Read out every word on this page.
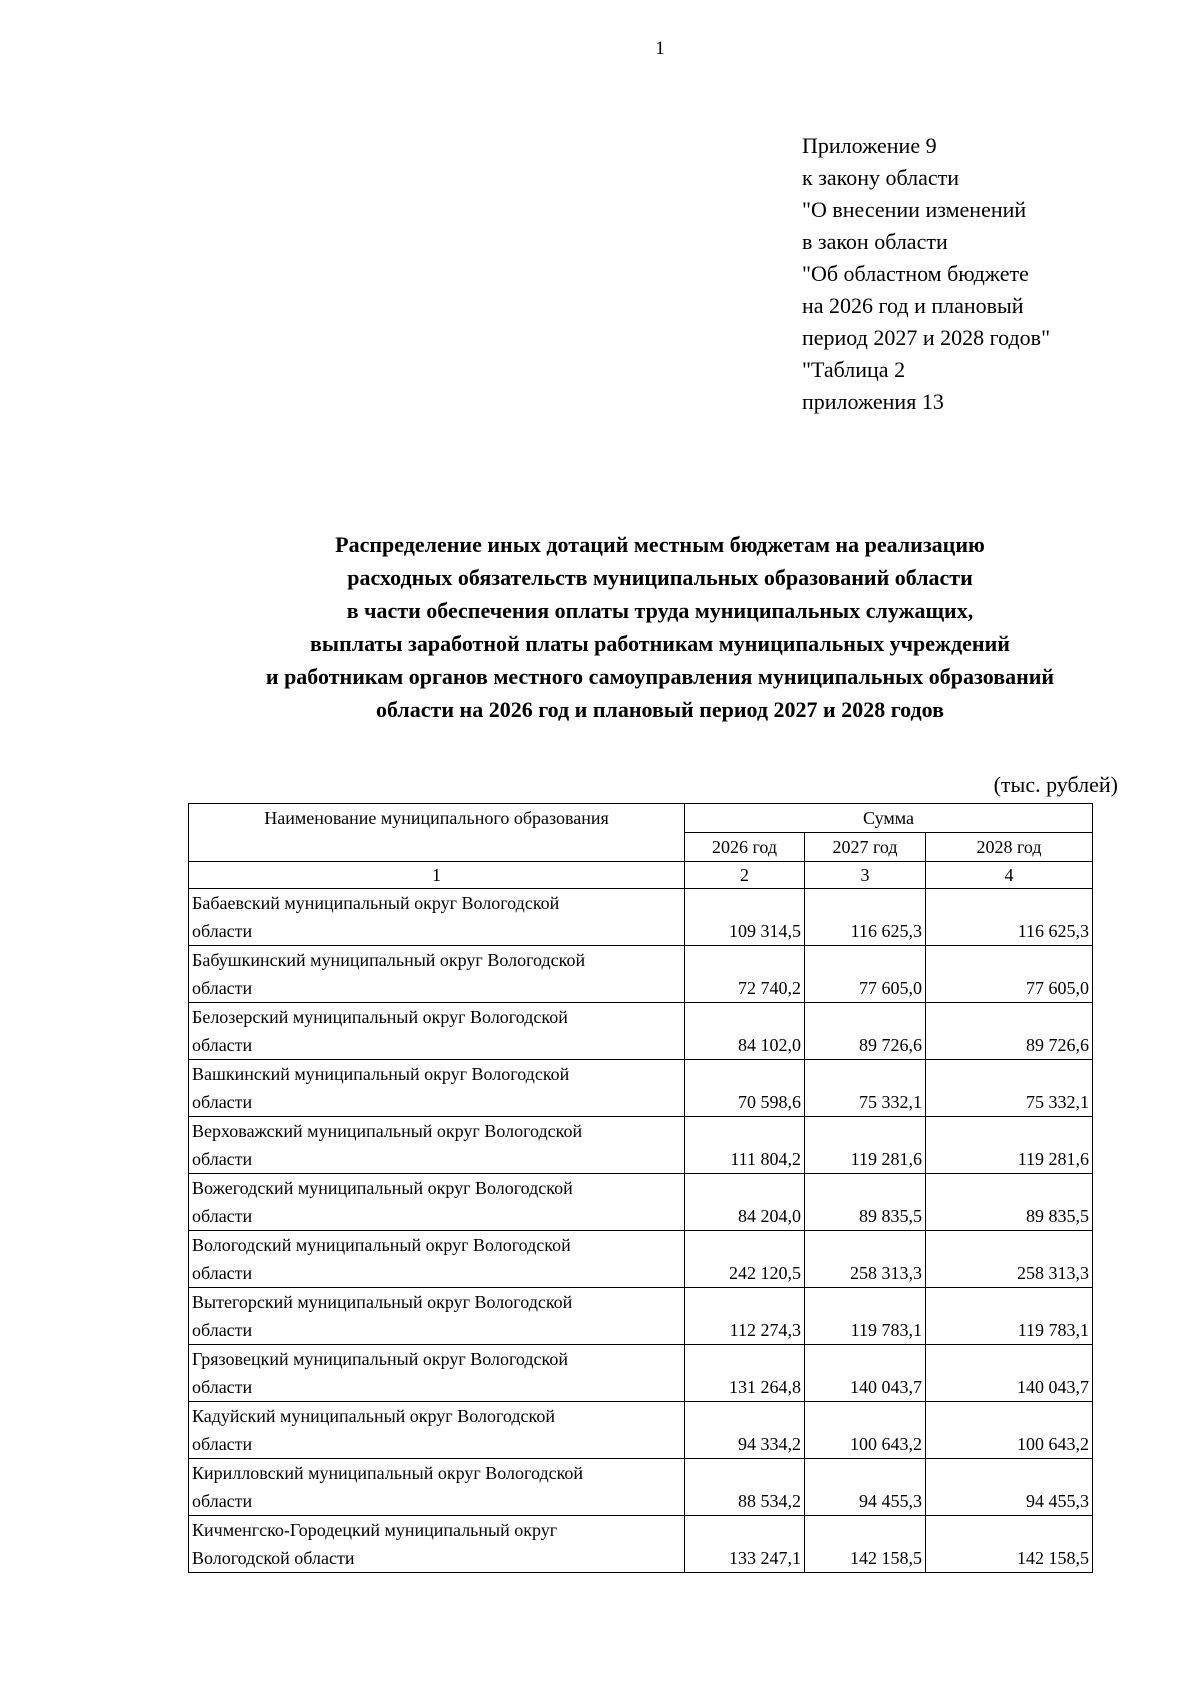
1
Приложение 9
к закону области
"О внесении изменений
в закон области
"Об областном бюджете
на 2026 год и плановый
период 2027 и 2028 годов"
"Таблица 2
приложения 13
Распределение иных дотаций местным бюджетам на реализацию
расходных обязательств муниципальных образований области
в части обеспечения оплаты труда муниципальных служащих,
выплаты заработной платы работникам муниципальных учреждений
и работникам органов местного самоуправления муниципальных образований
области на 2026 год и плановый период 2027 и 2028 годов
(тыс. рублей)
Наименование муниципального образования	Сумма		
	2026 год	2027 год	2028 год
1	2	3	4

Бабаевский муниципальный округ Вологодской
области	109 314,5	116 625,3	116 625,3

Бабушкинский муниципальный округ Вологодской
области	72 740,2	77 605,0	77 605,0

Белозерский муниципальный округ Вологодской
области	84 102,0	89 726,6	89 726,6

Вашкинский муниципальный округ Вологодской
области	70 598,6	75 332,1	75 332,1

Верховажский муниципальный округ Вологодской
области	111 804,2	119 281,6	119 281,6

Вожегодский муниципальный округ Вологодской
области	84 204,0	89 835,5	89 835,5

Вологодский муниципальный округ Вологодской
области	242 120,5	258 313,3	258 313,3

Вытегорский муниципальный округ Вологодской
области	112 274,3	119 783,1	119 783,1

Грязовецкий муниципальный округ Вологодской
области	131 264,8	140 043,7	140 043,7

Кадуйский муниципальный округ Вологодской
области	94 334,2	100 643,2	100 643,2

Кирилловский муниципальный округ Вологодской
области	88 534,2	94 455,3	94 455,3

Кичменгско-Городецкий муниципальный округ
Вологодской области	133 247,1	142 158,5	142 158,5
